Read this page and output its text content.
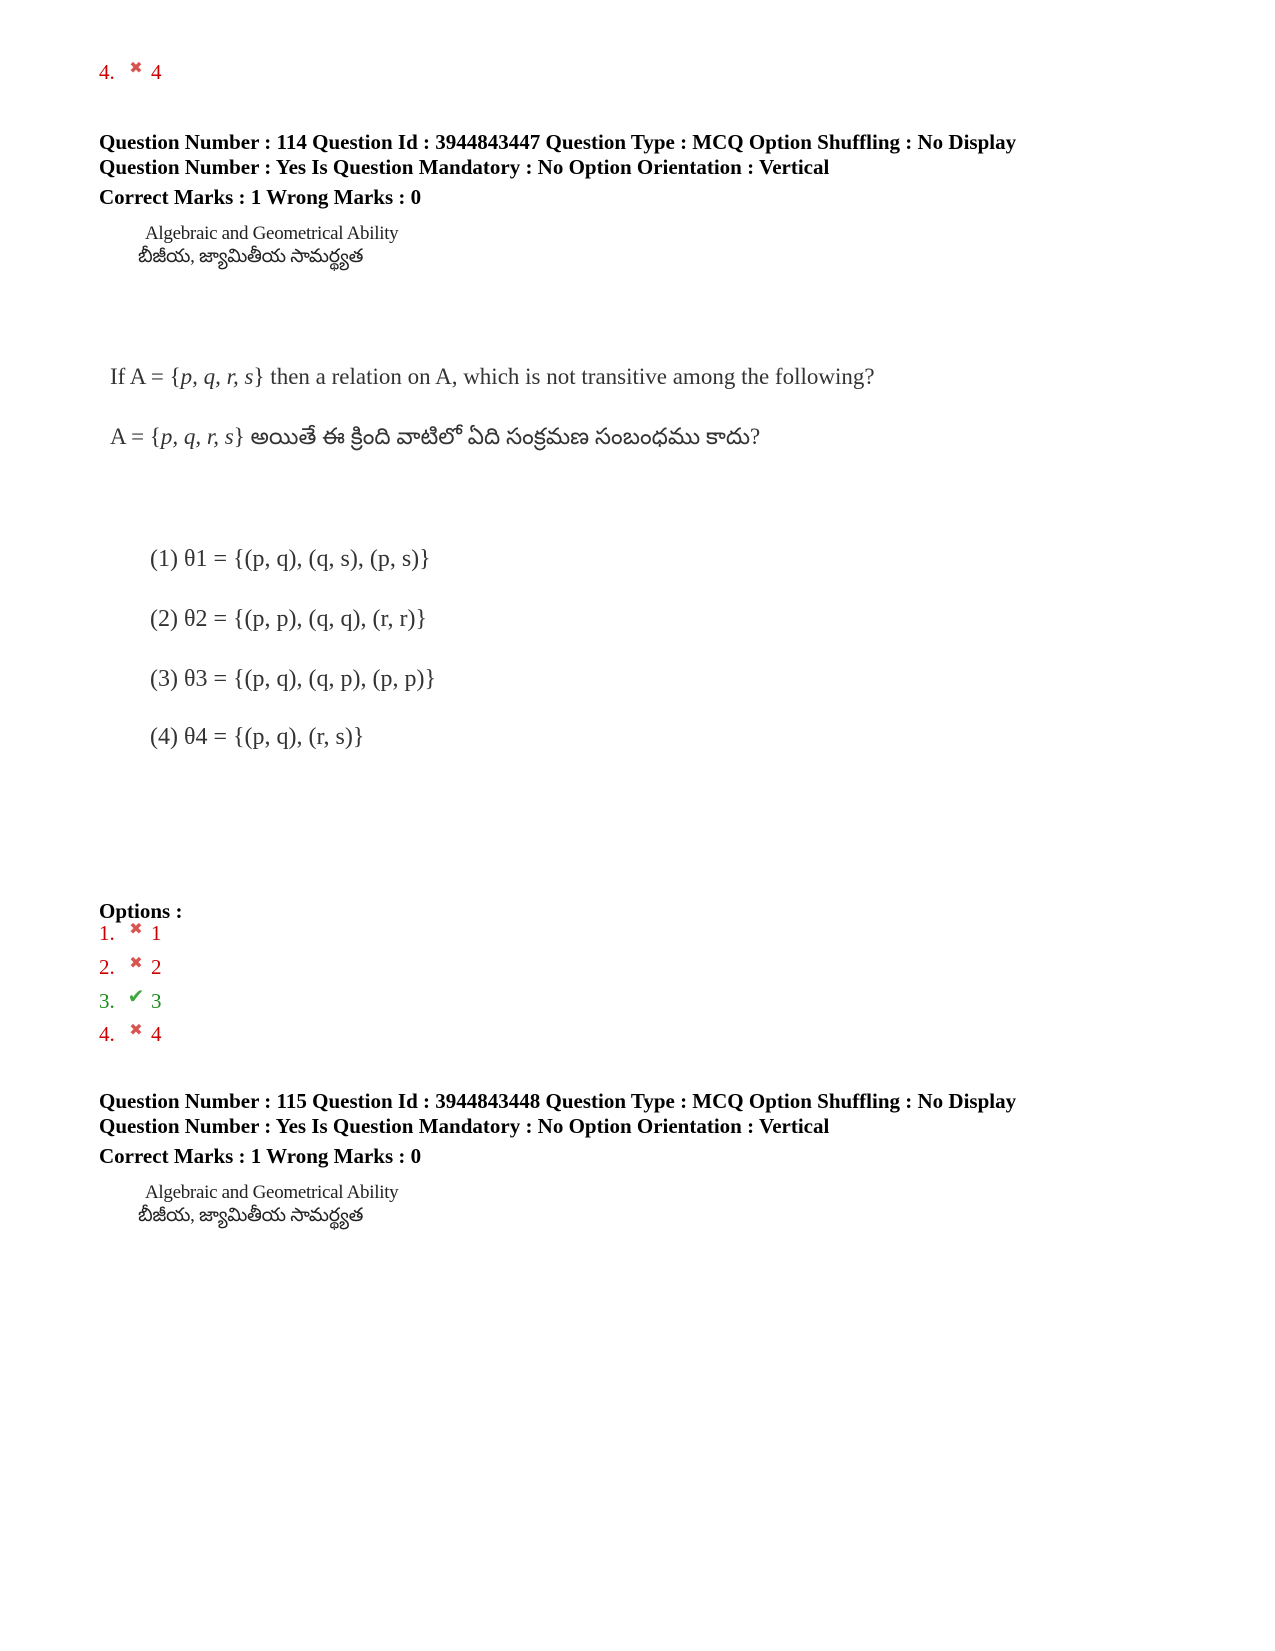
4. ✖ 4
Question Number : 114 Question Id : 3944843447 Question Type : MCQ Option Shuffling : No Display
Question Number : Yes Is Question Mandatory : No Option Orientation : Vertical
Correct Marks : 1 Wrong Marks : 0
Algebraic and Geometrical Ability
బీజీయ, జ్యామితీయ సామర్థ్యత
If A = {p, q, r, s} then a relation on A, which is not transitive among the following?
A = {p, q, r, s} అయితే ఈ క్రింది వాటిలో ఏది సంక్రమణ సంబంధము కాదు?
(1) θ1 = {(p, q), (q, s), (p, s)}
(2) θ2 = {(p, p), (q, q), (r, r)}
(3) θ3 = {(p, q), (q, p), (p, p)}
(4) θ4 = {(p, q), (r, s)}
Options :
1. ✖ 1
2. ✖ 2
3. ✔ 3
4. ✖ 4
Question Number : 115 Question Id : 3944843448 Question Type : MCQ Option Shuffling : No Display
Question Number : Yes Is Question Mandatory : No Option Orientation : Vertical
Correct Marks : 1 Wrong Marks : 0
Algebraic and Geometrical Ability
బీజీయ, జ్యామితీయ సామర్థ్యత
